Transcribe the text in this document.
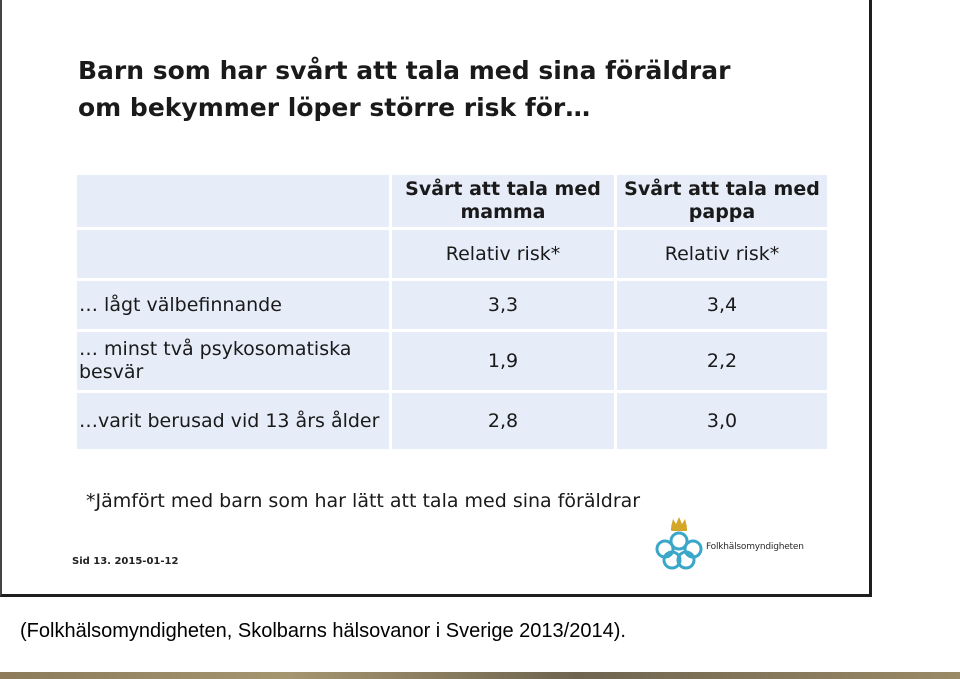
Barn som har svårt att tala med sina föräldrar
om bekymmer löper större risk för…
	Svårt att tala med mamma	Svårt att tala med pappa
	Relativ risk*	Relativ risk*
… lågt välbefinnande	3,3	3,4
… minst två psykosomatiska besvär	1,9	2,2
…varit berusad vid 13 års ålder	2,8	3,0
*Jämfört med barn som har lätt att tala med sina föräldrar
Sid 13. 2015-01-12
Folkhälsomyndigheten
(Folkhälsomyndigheten, Skolbarns hälsovanor i Sverige 2013/2014).
